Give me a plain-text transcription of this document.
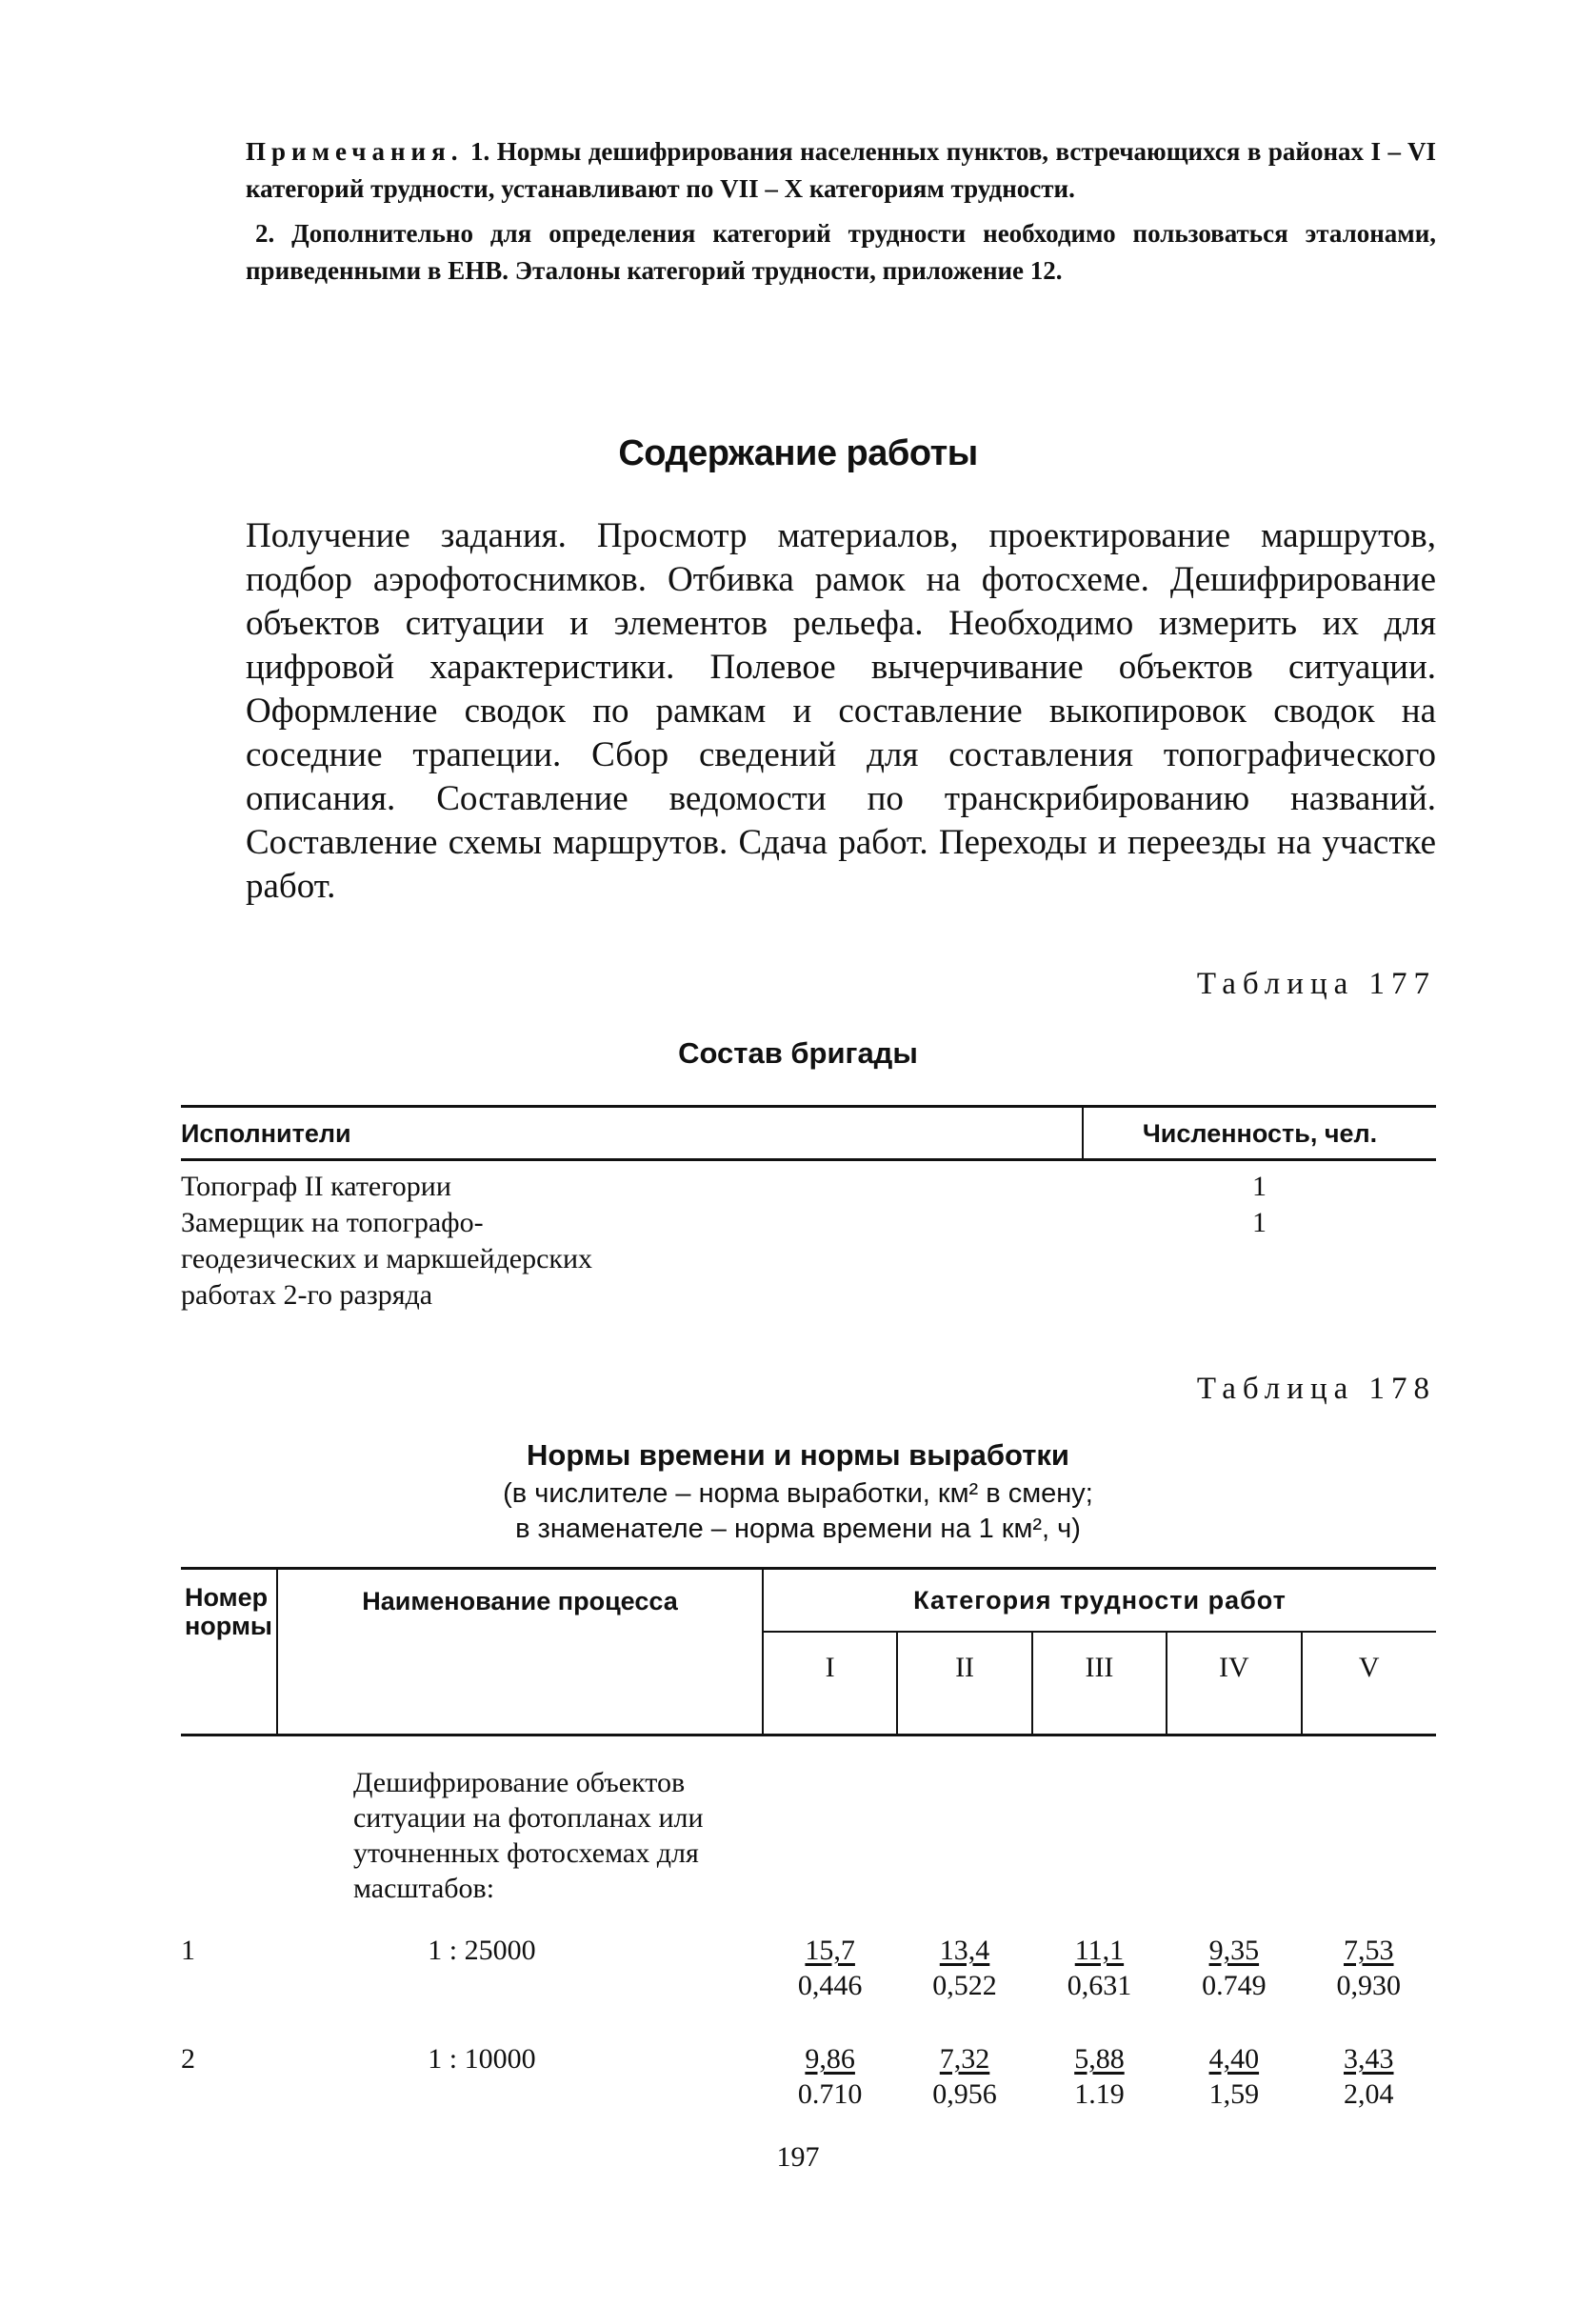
Примечания. 1. Нормы дешифрирования населенных пунктов, встречающихся в районах I – VI категорий трудности, устанавливают по VII – X категориям трудности.

2. Дополнительно для определения категорий трудности необходимо пользоваться эталонами, приведенными в ЕНВ. Эталоны категорий трудности, приложение 12.

Содержание работы

Получение задания. Просмотр материалов, проектирование маршрутов, подбор аэрофотоснимков. Отбивка рамок на фотосхеме. Дешифрирование объектов ситуации и элементов рельефа. Необходимо измерить их для цифровой характеристики. Полевое вычерчивание объектов ситуации. Оформление сводок по рамкам и составление выкопировок сводок на соседние трапеции. Сбор сведений для составления топографического описания. Составление ведомости по транскрибированию названий. Составление схемы маршрутов. Сдача работ. Переходы и переезды на участке работ.

Таблица 177
Состав бригады
Исполнители	Численность, чел.
Топограф II категории	1
Замерщик на топографо-геодезических и маркшейдерских работах 2-го разряда	1
Таблица 178
Нормы времени и нормы выработки
(в числителе – норма выработки, км² в смену;
в знаменателе – норма времени на 1 км², ч)
Номер нормы	Наименование процесса	Категория трудности работ				
		I	II	III	IV	V
	Дешифрирование объектов ситуации на фотопланах или уточненных фотосхемах для масштабов:					
1	1 : 25000	$\frac{15,7}{0,446}$	$\frac{13,4}{0,522}$	$\frac{11,1}{0,631}$	$\frac{9,35}{0.749}$	$\frac{7,53}{0,930}$

2	1 : 10000	$\frac{9,86}{0.710}$	$\frac{7,32}{0,956}$	$\frac{5,88}{1.19}$	$\frac{4,40}{1,59}$	$\frac{3,43}{2,04}$
197
